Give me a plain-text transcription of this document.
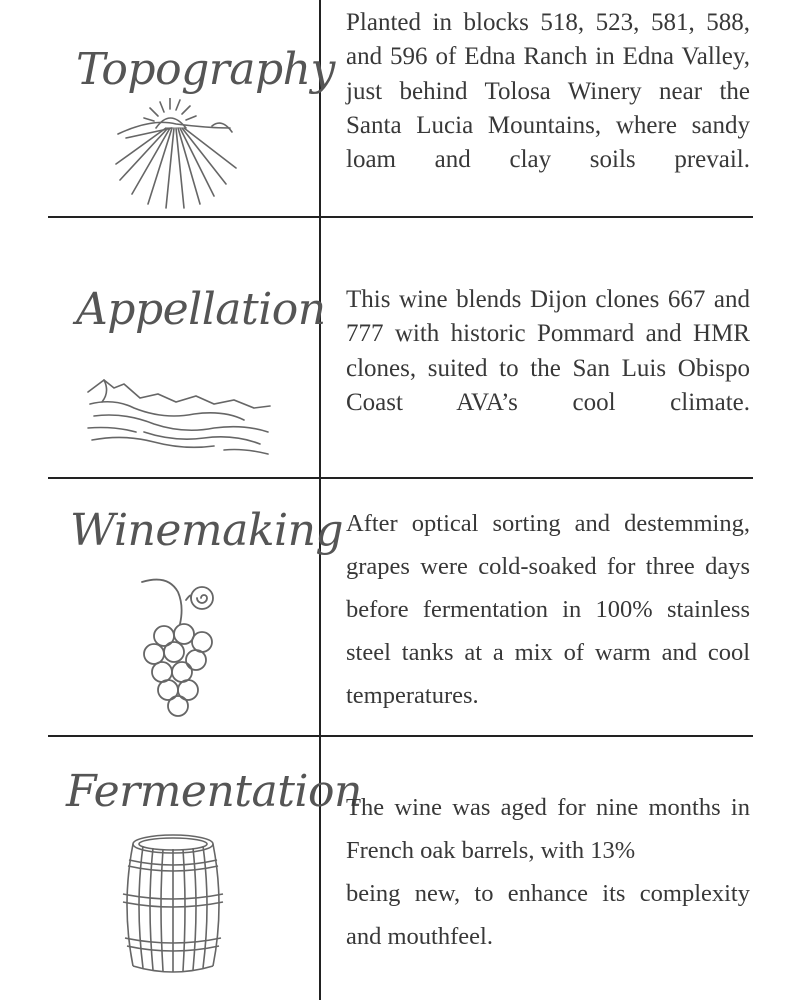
Topography
Planted in blocks 518, 523, 581, 588, and 596 of Edna Ranch in Edna Valley, just behind Tolosa Winery near the Santa Lucia Mountains, where sandy loam and clay soils prevail.
Appellation This wine blends Dijon clones 667 and 777 with historic Pommard and HMR clones, suited to the San Luis Obispo Coast AVA’s cool climate.
Winemaking After optical sorting and destemming, grapes were cold-soaked for three days before fermentation in 100% stainless steel tanks at a mix of warm and cool temperatures.
Fermentation
The wine was aged for nine months in
French oak barrels, with 13%
being new, to enhance its complexity
and mouthfeel.
